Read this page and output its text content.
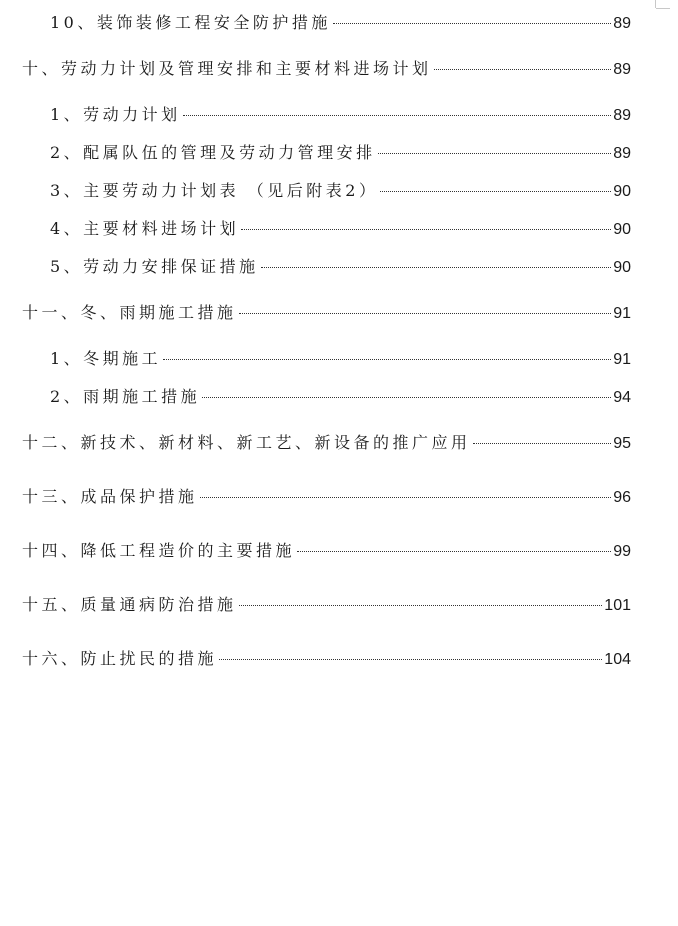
10、装饰装修工程安全防护措施	89
十、劳动力计划及管理安排和主要材料进场计划	89
1、劳动力计划	89
2、配属队伍的管理及劳动力管理安排	89
3、主要劳动力计划表 （见后附表2）	90
4、主要材料进场计划	90
5、劳动力安排保证措施	90
十一、冬、雨期施工措施	91
1、冬期施工	91
2、雨期施工措施	94
十二、新技术、新材料、新工艺、新设备的推广应用	95
十三、成品保护措施	96
十四、降低工程造价的主要措施	99
十五、质量通病防治措施	101
十六、防止扰民的措施	104
